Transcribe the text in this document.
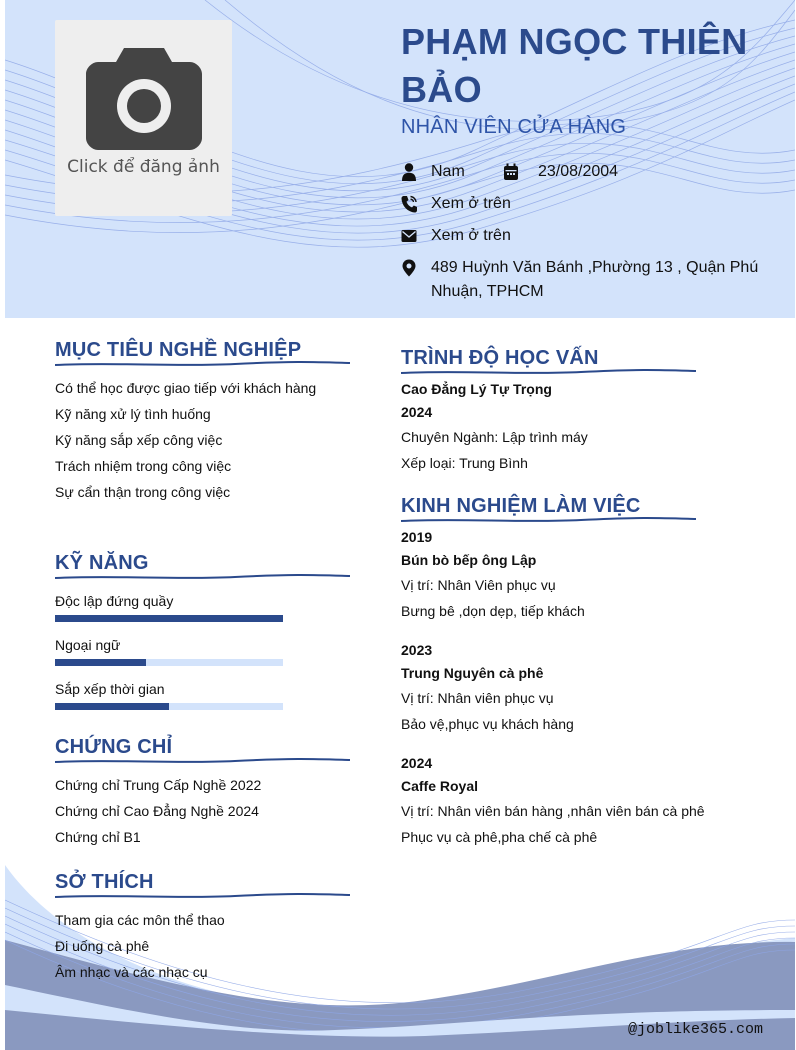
Click để đăng ảnh
PHẠM NGỌC THIÊN BẢO
NHÂN VIÊN CỬA HÀNG
Nam	23/08/2004
Xem ở trên
Xem ở trên
489 Huỳnh Văn Bánh ,Phường 13 , Quận Phú Nhuận, TPHCM
MỤC TIÊU NGHỀ NGHIỆP
Có thể học được giao tiếp với khách hàng
Kỹ năng xử lý tình huống
Kỹ năng sắp xếp công việc
Trách nhiệm trong công việc
Sự cẩn thận trong công việc
KỸ NĂNG
Độc lập đứng quầy
Ngoại ngữ
Sắp xếp thời gian
CHỨNG CHỈ
Chứng chỉ Trung Cấp Nghề 2022
Chứng chỉ Cao Đẳng Nghề 2024
Chứng chỉ B1
SỞ THÍCH
Tham gia các môn thể thao
Đi uống cà phê
Âm nhạc và các nhạc cụ
TRÌNH ĐỘ HỌC VẤN
Cao Đẳng Lý Tự Trọng
2024
Chuyên Ngành: Lập trình máy
Xếp loại: Trung Bình
KINH NGHIỆM LÀM VIỆC
2019
Bún bò bếp ông Lập
Vị trí: Nhân Viên phục vụ
Bưng bê ,dọn dẹp, tiếp khách
2023
Trung Nguyên cà phê
Vị trí: Nhân viên phục vụ
Bảo vệ,phục vụ khách hàng
2024
Caffe Royal
Vị trí: Nhân viên bán hàng ,nhân viên bán cà phê
Phục vụ cà phê,pha chế cà phê
@joblike365.com
